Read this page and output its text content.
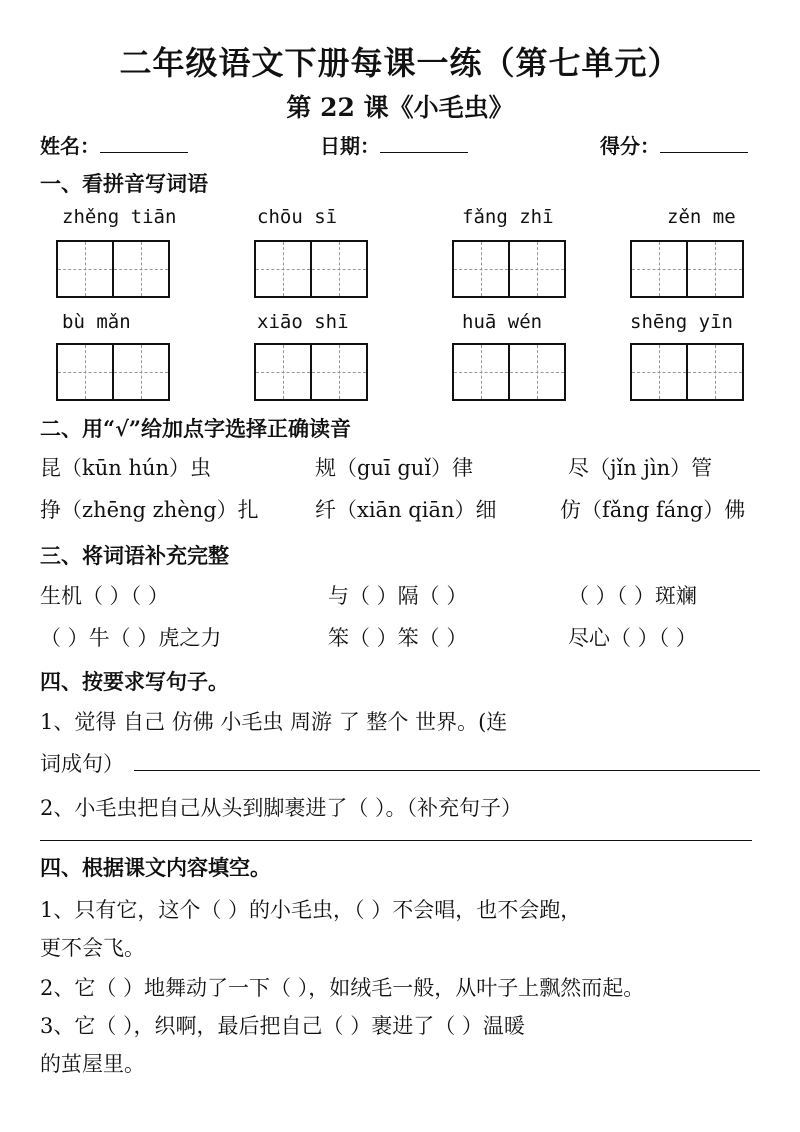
二年级语文下册每课一练（第七单元）
第 22 课《小毛虫》
姓名：	日期：	得分：
一、看拼音写词语
zhěng tiān	chōu sī	fǎng zhī	zěn me
bù mǎn	xiāo shī	huā wén	shēng yīn
二、用“√”给加点字选择正确读音
昆（kūn hún）虫	规（guī guǐ）律	尽（jǐn jìn）管
挣（zhēng zhèng）扎	纤（xiān qiān）细	仿（fǎng fáng）佛
三、将词语补充完整
生机（ ）（ ）	与（ ）隔（ ）	（ ）（ ）斑斓
（ ）牛（ ）虎之力	笨（ ）笨（ ）	尽心（ ）（ ）
四、按要求写句子。
1、觉得 自己 仿佛 小毛虫 周游 了 整个 世界。(连
词成句）
2、小毛虫把自己从头到脚裹进了（ ）。（补充句子）
四、根据课文内容填空。
1、只有它，这个（ ）的小毛虫，（ ）不会唱，也不会跑，
更不会飞。
2、它（ ）地舞动了一下（ ），如绒毛一般，从叶子上飘然而起。
3、它（ ），织啊，最后把自己（ ）裹进了（ ）温暖
的茧屋里。
